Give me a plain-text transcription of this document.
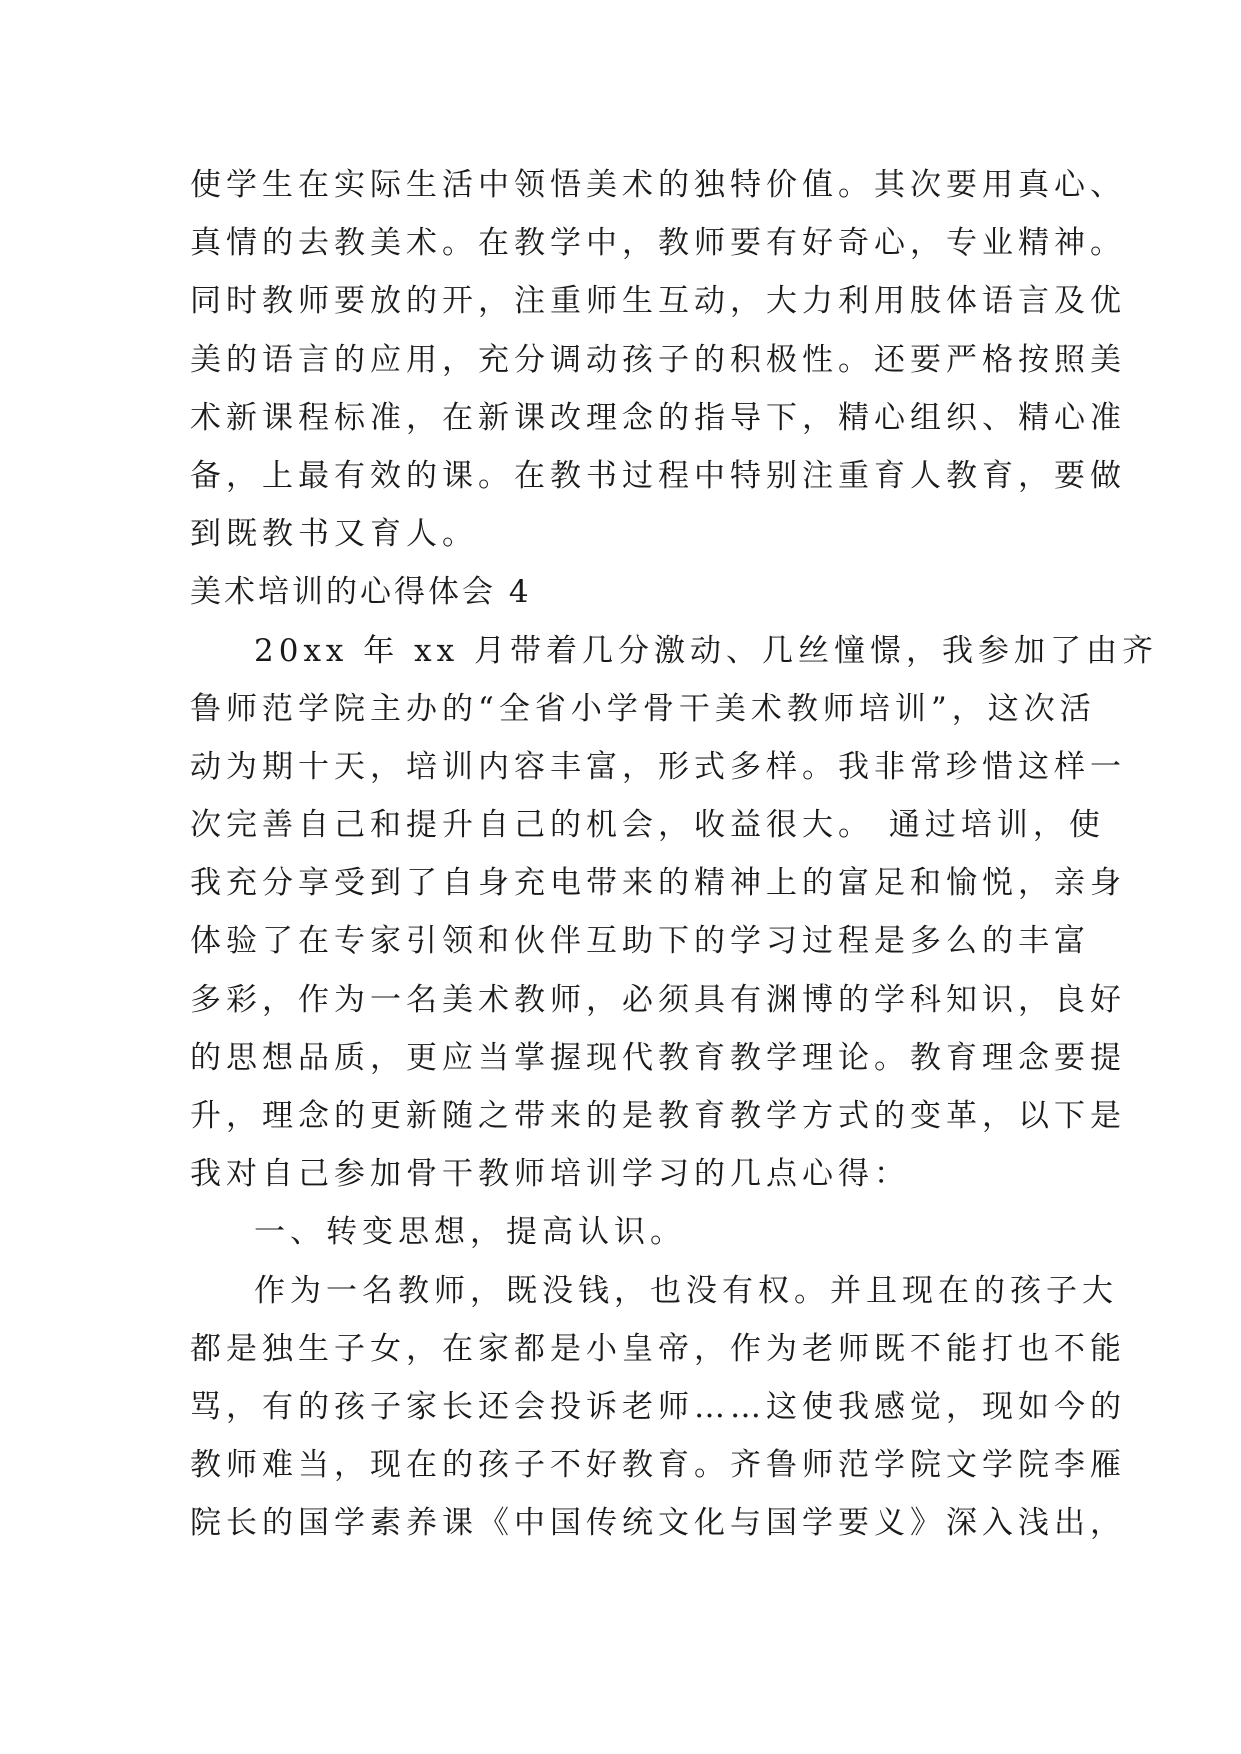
使学生在实际生活中领悟美术的独特价值。其次要用真心、
真情的去教美术。在教学中，教师要有好奇心，专业精神。
同时教师要放的开，注重师生互动，大力利用肢体语言及优
美的语言的应用，充分调动孩子的积极性。还要严格按照美
术新课程标准，在新课改理念的指导下，精心组织、精心准
备，上最有效的课。在教书过程中特别注重育人教育，要做
到既教书又育人。
美术培训的心得体会 4
20xx 年 xx 月带着几分激动、几丝憧憬，我参加了由齐
鲁师范学院主办的“全省小学骨干美术教师培训”，这次活
动为期十天，培训内容丰富，形式多样。我非常珍惜这样一
次完善自己和提升自己的机会，收益很大。 通过培训，使
我充分享受到了自身充电带来的精神上的富足和愉悦，亲身
体验了在专家引领和伙伴互助下的学习过程是多么的丰富
多彩，作为一名美术教师，必须具有渊博的学科知识，良好
的思想品质，更应当掌握现代教育教学理论。教育理念要提
升，理念的更新随之带来的是教育教学方式的变革，以下是
我对自己参加骨干教师培训学习的几点心得：
一、转变思想，提高认识。
作为一名教师，既没钱，也没有权。并且现在的孩子大
都是独生子女，在家都是小皇帝，作为老师既不能打也不能
骂，有的孩子家长还会投诉老师……这使我感觉，现如今的
教师难当，现在的孩子不好教育。齐鲁师范学院文学院李雁
院长的国学素养课《中国传统文化与国学要义》深入浅出，
